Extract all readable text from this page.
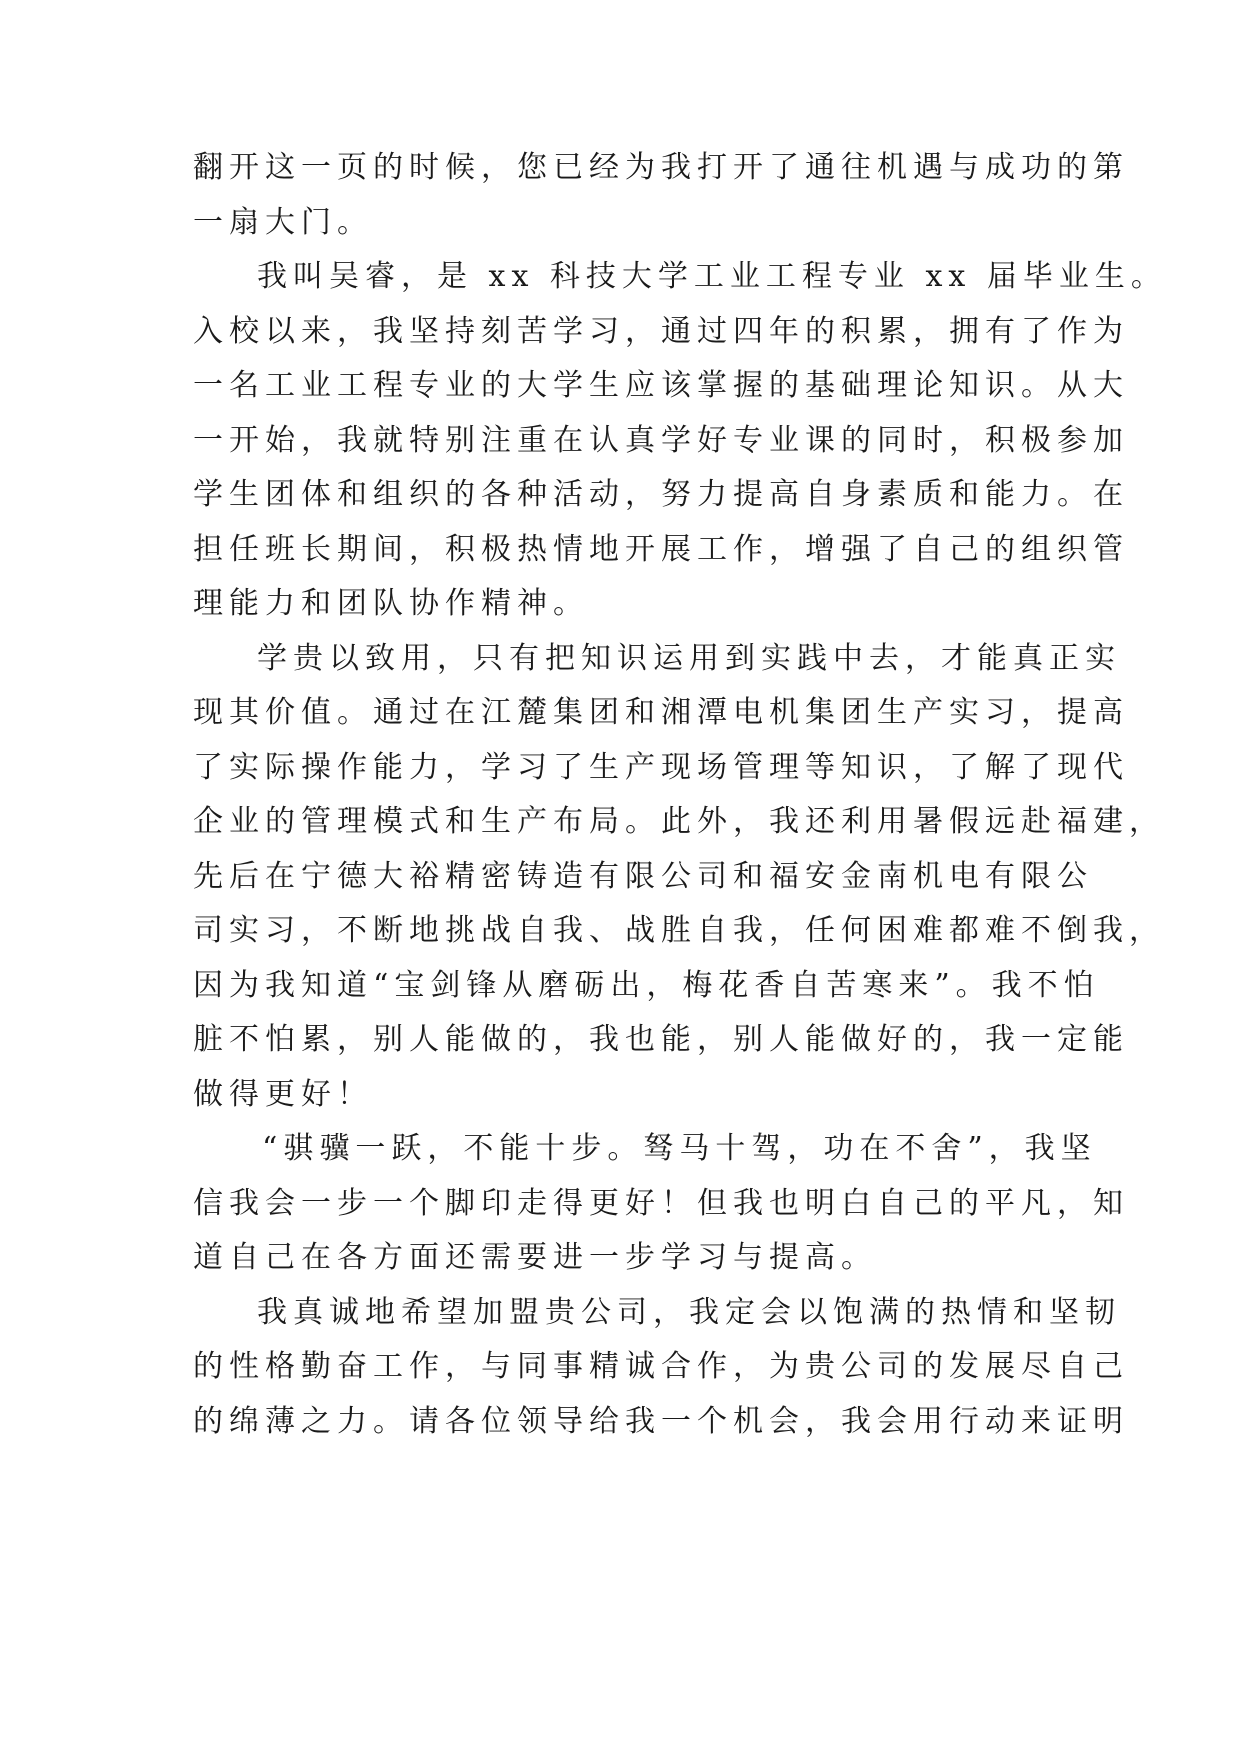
翻开这一页的时候，您已经为我打开了通往机遇与成功的第
一扇大门。
我叫吴睿，是 xx 科技大学工业工程专业 xx 届毕业生。
入校以来，我坚持刻苦学习，通过四年的积累，拥有了作为
一名工业工程专业的大学生应该掌握的基础理论知识。从大
一开始，我就特别注重在认真学好专业课的同时，积极参加
学生团体和组织的各种活动，努力提高自身素质和能力。在
担任班长期间，积极热情地开展工作，增强了自己的组织管
理能力和团队协作精神。
学贵以致用，只有把知识运用到实践中去，才能真正实
现其价值。通过在江麓集团和湘潭电机集团生产实习，提高
了实际操作能力，学习了生产现场管理等知识，了解了现代
企业的管理模式和生产布局。此外，我还利用暑假远赴福建，
先后在宁德大裕精密铸造有限公司和福安金南机电有限公
司实习，不断地挑战自我、战胜自我，任何困难都难不倒我，
因为我知道“宝剑锋从磨砺出，梅花香自苦寒来”。我不怕
脏不怕累，别人能做的，我也能，别人能做好的，我一定能
做得更好！
“骐骥一跃，不能十步。驽马十驾，功在不舍”，我坚
信我会一步一个脚印走得更好！但我也明白自己的平凡，知
道自己在各方面还需要进一步学习与提高。
我真诚地希望加盟贵公司，我定会以饱满的热情和坚韧
的性格勤奋工作，与同事精诚合作，为贵公司的发展尽自己
的绵薄之力。请各位领导给我一个机会，我会用行动来证明
